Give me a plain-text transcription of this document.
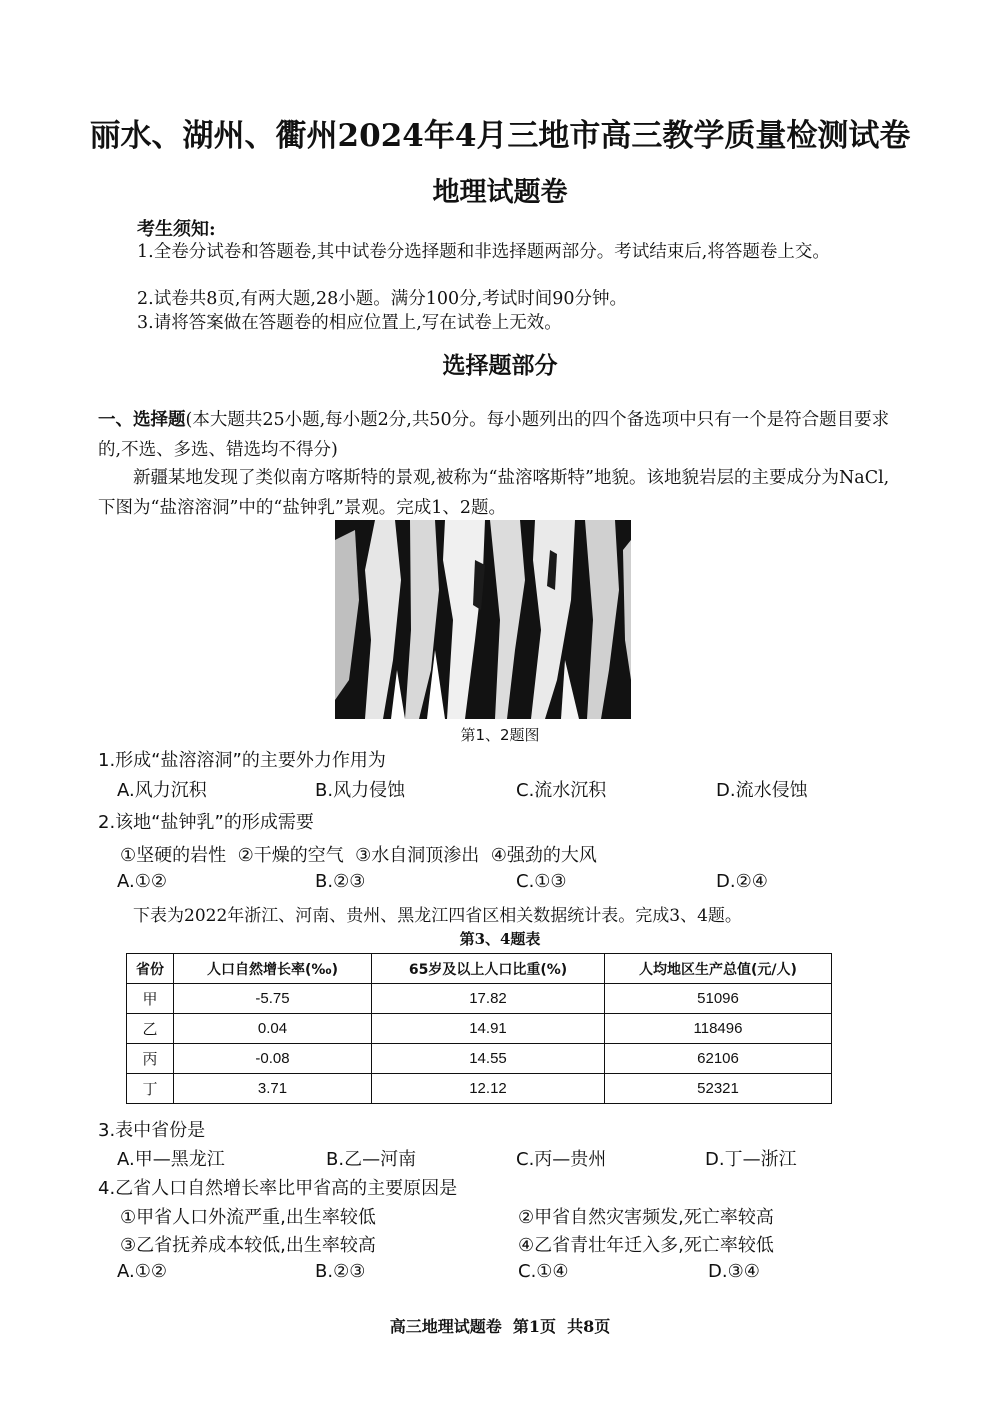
丽水、湖州、衢州2024年4月三地市高三教学质量检测试卷
地理试题卷
考生须知:
1.全卷分试卷和答题卷,其中试卷分选择题和非选择题两部分。考试结束后,将答题卷上交。
2.试卷共8页,有两大题,28小题。满分100分,考试时间90分钟。
3.请将答案做在答题卷的相应位置上,写在试卷上无效。
选择题部分
一、选择题(本大题共25小题,每小题2分,共50分。每小题列出的四个备选项中只有一个是符合题目要求的,不选、多选、错选均不得分)
新疆某地发现了类似南方喀斯特的景观,被称为“盐溶喀斯特”地貌。该地貌岩层的主要成分为NaCl,下图为“盐溶溶洞”中的“盐钟乳”景观。完成1、2题。
第1、2题图
1.形成“盐溶溶洞”的主要外力作用为
A.风力沉积	B.风力侵蚀	C.流水沉积	D.流水侵蚀
2.该地“盐钟乳”的形成需要
①坚硬的岩性  ②干燥的空气  ③水自洞顶渗出  ④强劲的大风
A.①②	B.②③	C.①③	D.②④
下表为2022年浙江、河南、贵州、黑龙江四省区相关数据统计表。完成3、4题。
第3、4题表
省份	人口自然增长率(‰)	65岁及以上人口比重(%)	人均地区生产总值(元/人)
甲	-5.75	17.82	51096
乙	0.04	14.91	118496
丙	-0.08	14.55	62106
丁	3.71	12.12	52321
3.表中省份是
A.甲—黑龙江	B.乙—河南	C.丙—贵州	D.丁—浙江
4.乙省人口自然增长率比甲省高的主要原因是
①甲省人口外流严重,出生率较低	②甲省自然灾害频发,死亡率较高
③乙省抚养成本较低,出生率较高	④乙省青壮年迁入多,死亡率较低
A.①②	B.②③	C.①④	D.③④
高三地理试题卷  第1页  共8页
